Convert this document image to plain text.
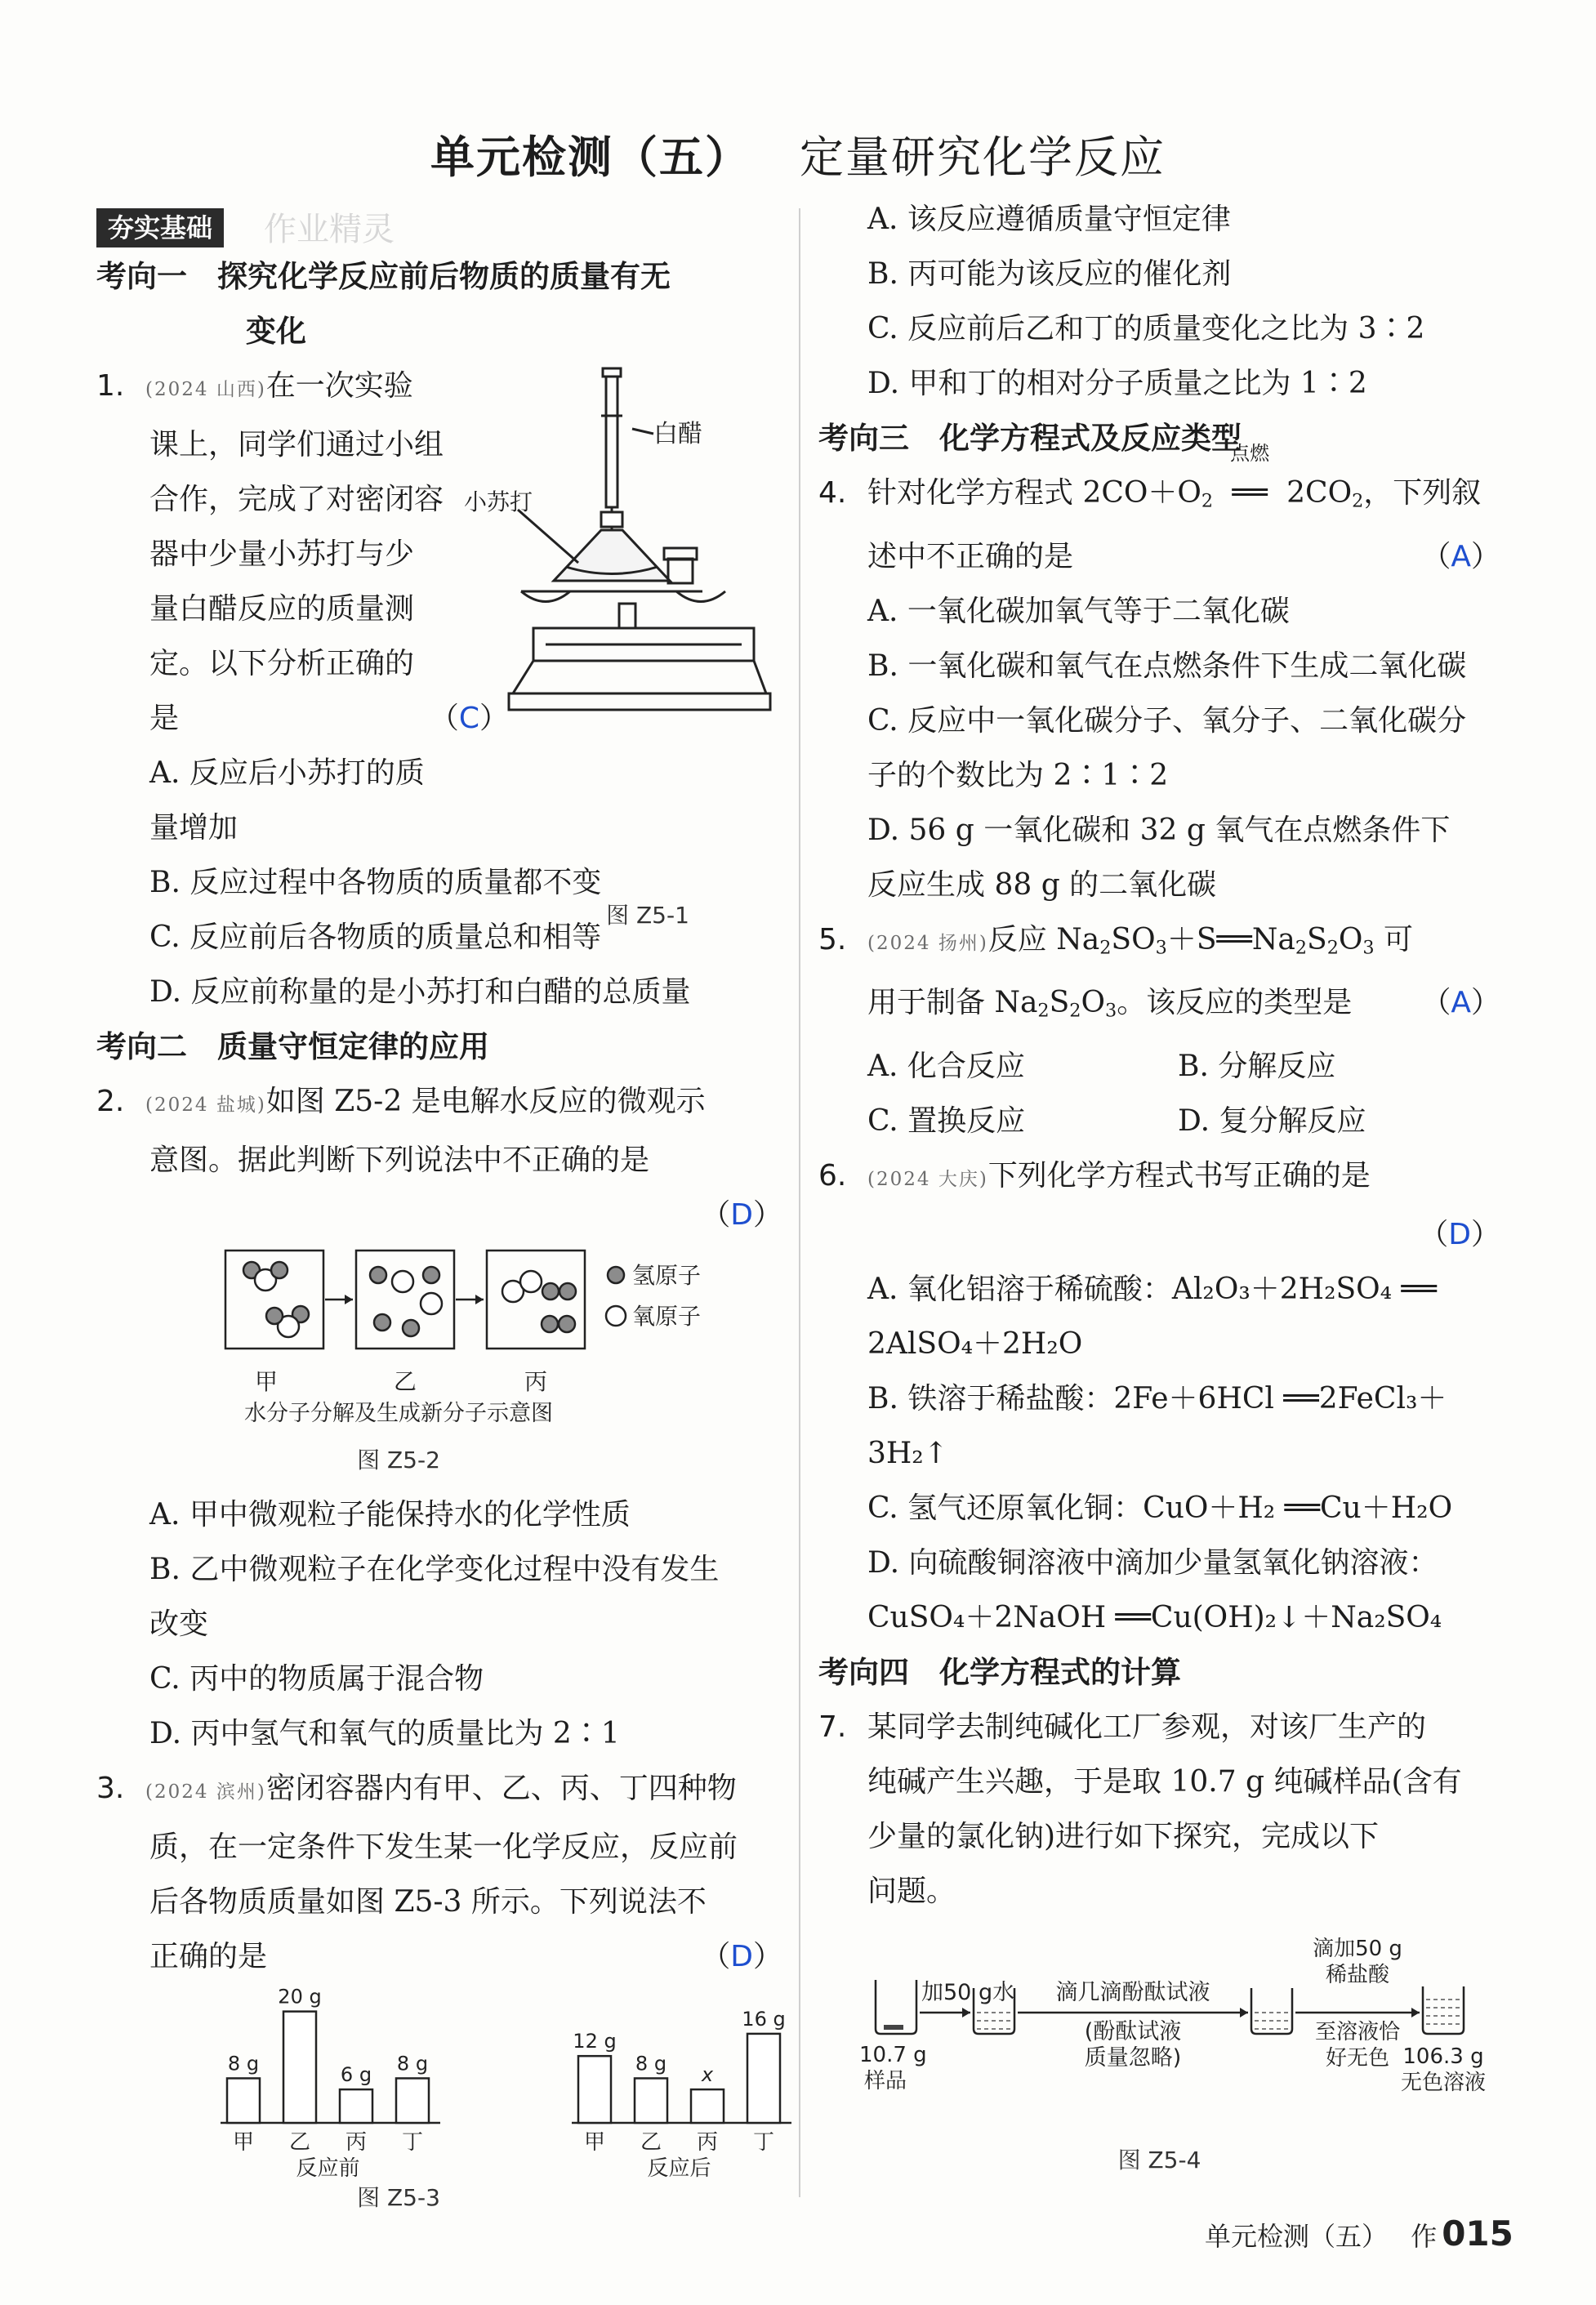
单元检测（五） 定量研究化学反应
夯实基础 作业精灵
考向一　探究化学反应前后物质的质量有无
变化
1. (2024 山西)在一次实验
课上，同学们通过小组
合作，完成了对密闭容
器中少量小苏打与少
量白醋反应的质量测
定。以下分析正确的
是	（C）
A. 反应后小苏打的质
量增加
B. 反应过程中各物质的质量都不变
C. 反应前后各物质的质量总和相等
D. 反应前称量的是小苏打和白醋的总质量
白醋
小苏打
图 Z5-1
考向二　质量守恒定律的应用
2. (2024 盐城)如图 Z5-2 是电解水反应的微观示
意图。据此判断下列说法中不正确的是
（D）
氢原子
氧原子
甲	乙	丙
水分子分解及生成新分子示意图
图 Z5-2
A. 甲中微观粒子能保持水的化学性质
B. 乙中微观粒子在化学变化过程中没有发生
改变
C. 丙中的物质属于混合物
D. 丙中氢气和氧气的质量比为 2∶1
3. (2024 滨州)密闭容器内有甲、乙、丙、丁四种物
质，在一定条件下发生某一化学反应，反应前
后各物质质量如图 Z5-3 所示。下列说法不
正确的是	（D）
8 g
甲
20 g
乙
6 g
丙
8 g
丁
反应前
12 g
甲
8 g
乙
x
丙
16 g
丁
反应后
图 Z5-3
A. 该反应遵循质量守恒定律
B. 丙可能为该反应的催化剂
C. 反应前后乙和丁的质量变化之比为 3∶2
D. 甲和丁的相对分子质量之比为 1∶2
考向三　化学方程式及反应类型
4. 针对化学方程式 2CO＋O2
点燃
══ 2CO2，下列叙
述中不正确的是	（A）
A. 一氧化碳加氧气等于二氧化碳
B. 一氧化碳和氧气在点燃条件下生成二氧化碳
C. 反应中一氧化碳分子、氧分子、二氧化碳分
子的个数比为 2∶1∶2
D. 56 g 一氧化碳和 32 g 氧气在点燃条件下
反应生成 88 g 的二氧化碳
5. (2024 扬州)反应 Na2SO3＋S══Na2S2O3 可
用于制备 Na2S2O3。该反应的类型是 （A）
A. 化合反应	B. 分解反应
C. 置换反应	D. 复分解反应
6. (2024 大庆)下列化学方程式书写正确的是
（D）
A. 氧化铝溶于稀硫酸：Al₂O₃＋2H₂SO₄ ══
2AlSO₄＋2H₂O
B. 铁溶于稀盐酸：2Fe＋6HCl ══2FeCl₃＋
3H₂↑
C. 氢气还原氧化铜：CuO＋H₂ ══Cu＋H₂O
D. 向硫酸铜溶液中滴加少量氢氧化钠溶液：
CuSO₄＋2NaOH ══Cu(OH)₂↓＋Na₂SO₄
考向四　化学方程式的计算
7. 某同学去制纯碱化工厂参观，对该厂生产的
纯碱产生兴趣，于是取 10.7 g 纯碱样品(含有
少量的氯化钠)进行如下探究，完成以下
问题。
加50 g水 滴几滴酚酞试液
(酚酞试液
质量忽略)
滴加50 g
稀盐酸
至溶液恰
好无色
10.7 g
样品
106.3 g
无色溶液
图 Z5-4
单元检测（五） 作 015
